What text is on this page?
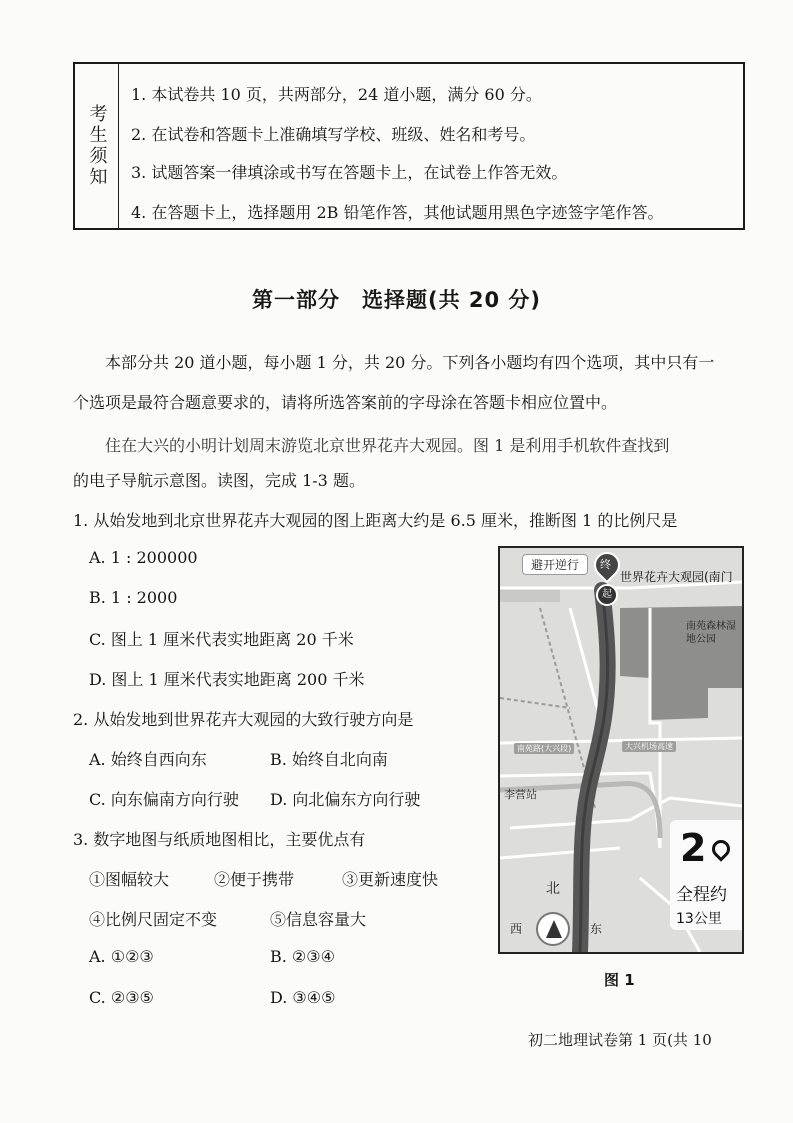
考生须知
1. 本试卷共 10 页，共两部分，24 道小题，满分 60 分。
2. 在试卷和答题卡上准确填写学校、班级、姓名和考号。
3. 试题答案一律填涂或书写在答题卡上，在试卷上作答无效。
4. 在答题卡上，选择题用 2B 铅笔作答，其他试题用黑色字迹签字笔作答。
第一部分　选择题(共 20 分)
本部分共 20 道小题，每小题 1 分，共 20 分。下列各小题均有四个选项，其中只有一
个选项是最符合题意要求的，请将所选答案前的字母涂在答题卡相应位置中。
住在大兴的小明计划周末游览北京世界花卉大观园。图 1 是利用手机软件查找到
的电子导航示意图。读图，完成 1-3 题。
1. 从始发地到北京世界花卉大观园的图上距离大约是 6.5 厘米，推断图 1 的比例尺是
A. 1 : 200000
B. 1 : 2000
C. 图上 1 厘米代表实地距离 20 千米
D. 图上 1 厘米代表实地距离 200 千米
2. 从始发地到世界花卉大观园的大致行驶方向是
A. 始终自西向东	B. 始终自北向南
C. 向东偏南方向行驶 D. 向北偏东方向行驶
3. 数字地图与纸质地图相比，主要优点有
①图幅较大	②便于携带	③更新速度快
④比例尺固定不变	⑤信息容量大
A. ①②③	B. ②③④
C. ②③⑤	D. ③④⑤
避开逆行	终
起
世界花卉大观园(南门
南苑森林湿地公园
南苑路(大兴段)	大兴机场高速
李营站
北
西	东
2
全程约
13公里
图 1
初二地理试卷第 1 页(共 10
